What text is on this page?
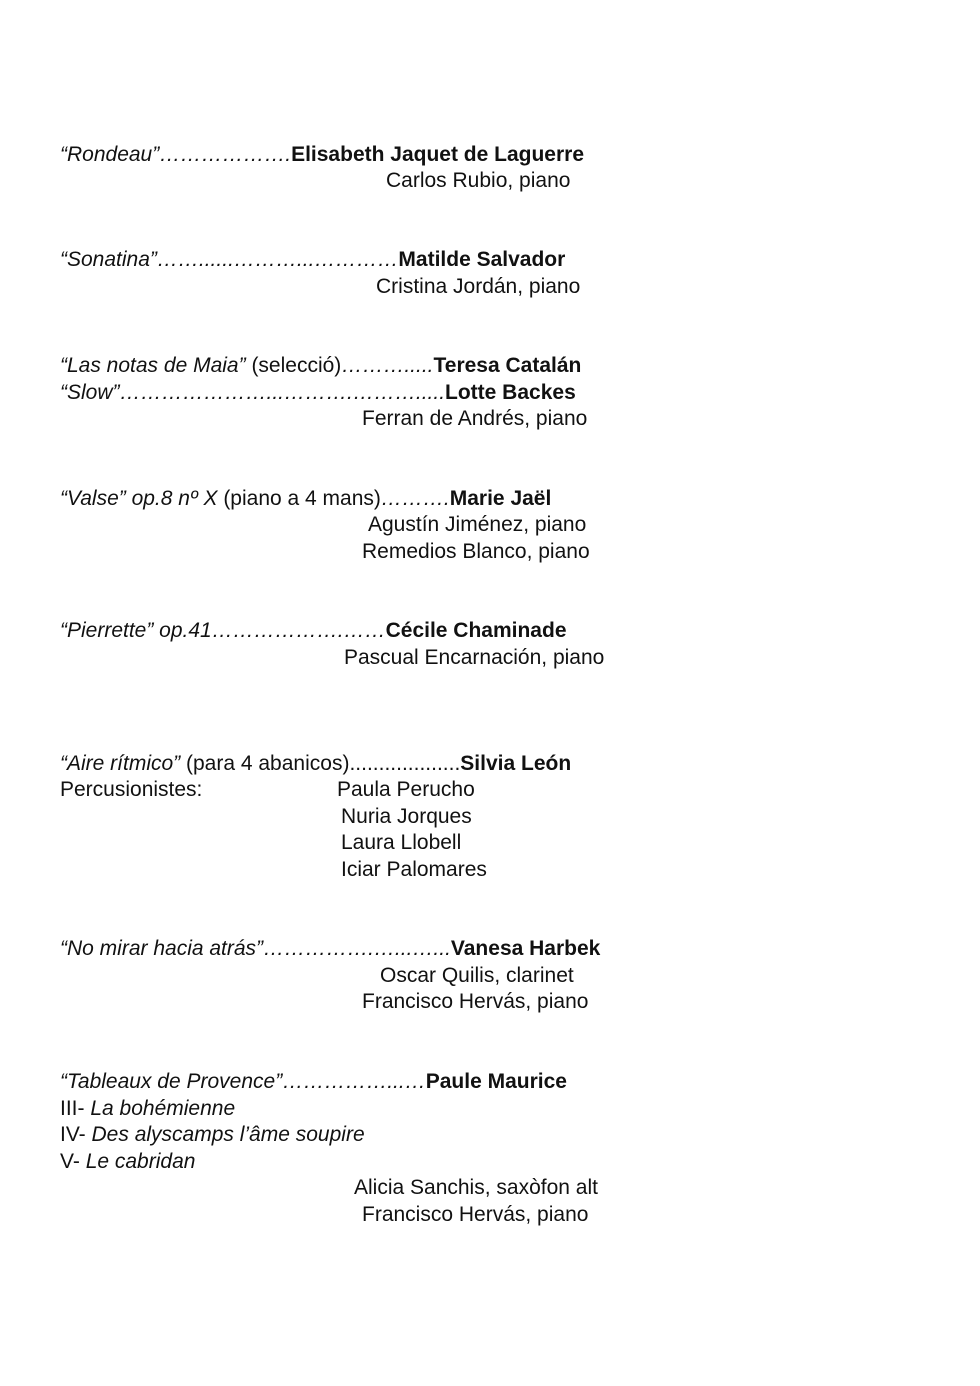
“Rondeau”……………….Elisabeth Jaquet de Laguerre
Carlos Rubio, piano
“Sonatina”……......………...…………Matilde Salvador
Cristina Jordán, piano
“Las notas de Maia” (selecció)……….....Teresa Catalán
“Slow”…………………...……….……….....Lotte Backes
Ferran de Andrés, piano
“Valse” op.8 nº X (piano a 4 mans)……….Marie Jaël
Agustín Jiménez, piano
Remedios Blanco, piano
“Pierrette” op.41……………….……Cécile Chaminade
Pascual Encarnación, piano
“Aire rítmico” (para 4 abanicos)...................Silvia León
Percusionistes:	Paula Perucho
Nuria Jorques
Laura Llobell
Iciar Palomares
“No mirar hacia atrás”…………….…...…...Vanesa Harbek
Oscar Quilis, clarinet
Francisco Hervás, piano
“Tableaux de Provence”……………...…Paule Maurice
III- La bohémienne
IV- Des alyscamps l’âme soupire
V- Le cabridan
Alicia Sanchis, saxòfon alt
Francisco Hervás, piano
